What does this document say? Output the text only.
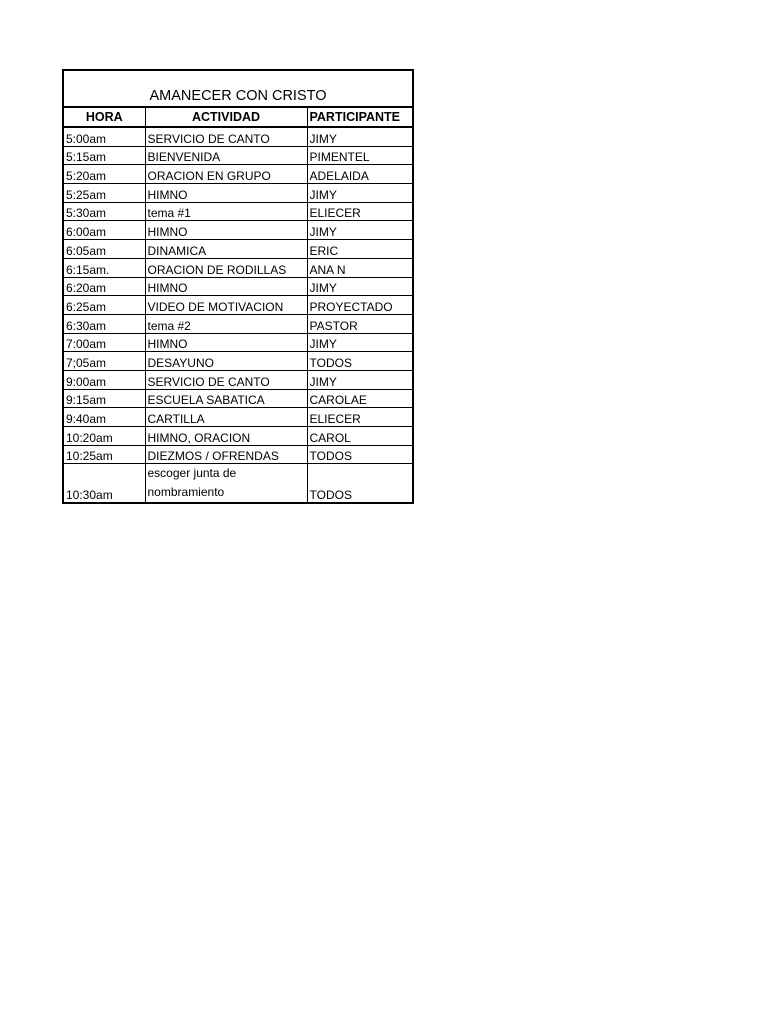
AMANECER CON CRISTO		
HORA	ACTIVIDAD	PARTICIPANTE
5:00am	SERVICIO DE CANTO	JIMY
5:15am	BIENVENIDA	PIMENTEL
5:20am	ORACION EN GRUPO	ADELAIDA
5:25am	HIMNO	JIMY
5:30am	tema #1	ELIECER
6:00am	HIMNO	JIMY
6:05am	DINAMICA	ERIC
6:15am.	ORACION DE RODILLAS	ANA N
6:20am	HIMNO	JIMY
6:25am	VIDEO DE MOTIVACION	PROYECTADO
6:30am	tema #2	PASTOR
7:00am	HIMNO	JIMY
7;05am	DESAYUNO	TODOS
9:00am	SERVICIO DE CANTO	JIMY
9:15am	ESCUELA SABATICA	CAROLAE
9:40am	CARTILLA	ELIECER
10:20am	HIMNO, ORACION	CAROL
10:25am	DIEZMOS / OFRENDAS	TODOS
10:30am	escoger junta de nombramiento	TODOS
